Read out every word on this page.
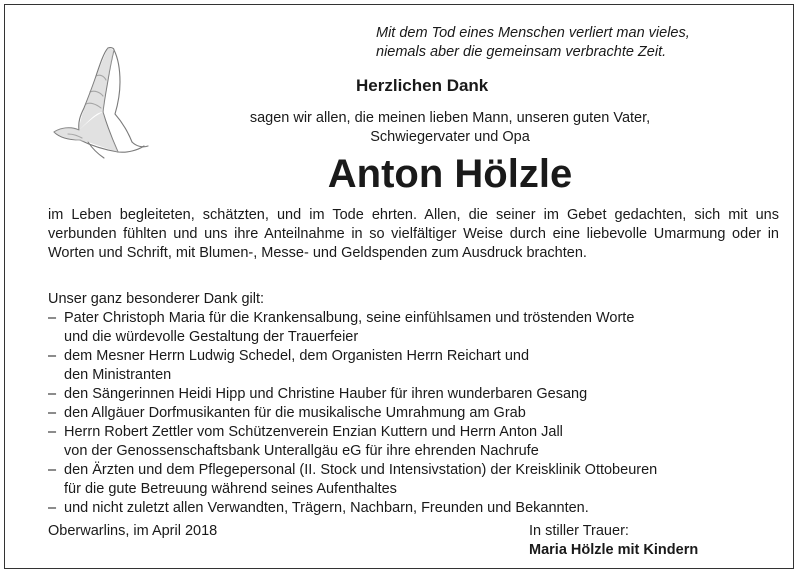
Mit dem Tod eines Menschen verliert man vieles,
niemals aber die gemeinsam verbrachte Zeit.
Herzlichen Dank
sagen wir allen, die meinen lieben Mann, unseren guten Vater,
Schwiegervater und Opa
Anton Hölzle
im Leben begleiteten, schätzten, und im Tode ehrten. Allen, die seiner im Gebet gedachten, sich mit uns verbunden fühlten und uns ihre Anteilnahme in so vielfältiger Weise durch eine liebevolle Umarmung oder in Worten und Schrift, mit Blumen-, Messe- und Geldspenden zum Ausdruck brachten.
Unser ganz besonderer Dank gilt:
– Pater Christoph Maria für die Krankensalbung, seine einfühlsamen und tröstenden Worte
und die würdevolle Gestaltung der Trauerfeier
– dem Mesner Herrn Ludwig Schedel, dem Organisten Herrn Reichart und
den Ministranten
– den Sängerinnen Heidi Hipp und Christine Hauber für ihren wunderbaren Gesang
– den Allgäuer Dorfmusikanten für die musikalische Umrahmung am Grab
– Herrn Robert Zettler vom Schützenverein Enzian Kuttern und Herrn Anton Jall
von der Genossenschaftsbank Unterallgäu eG für ihre ehrenden Nachrufe
– den Ärzten und dem Pflegepersonal (II. Stock und Intensivstation) der Kreisklinik Ottobeuren
für die gute Betreuung während seines Aufenthaltes
– und nicht zuletzt allen Verwandten, Trägern, Nachbarn, Freunden und Bekannten.
Oberwarlins, im April 2018	In stiller Trauer:
Maria Hölzle mit Kindern
